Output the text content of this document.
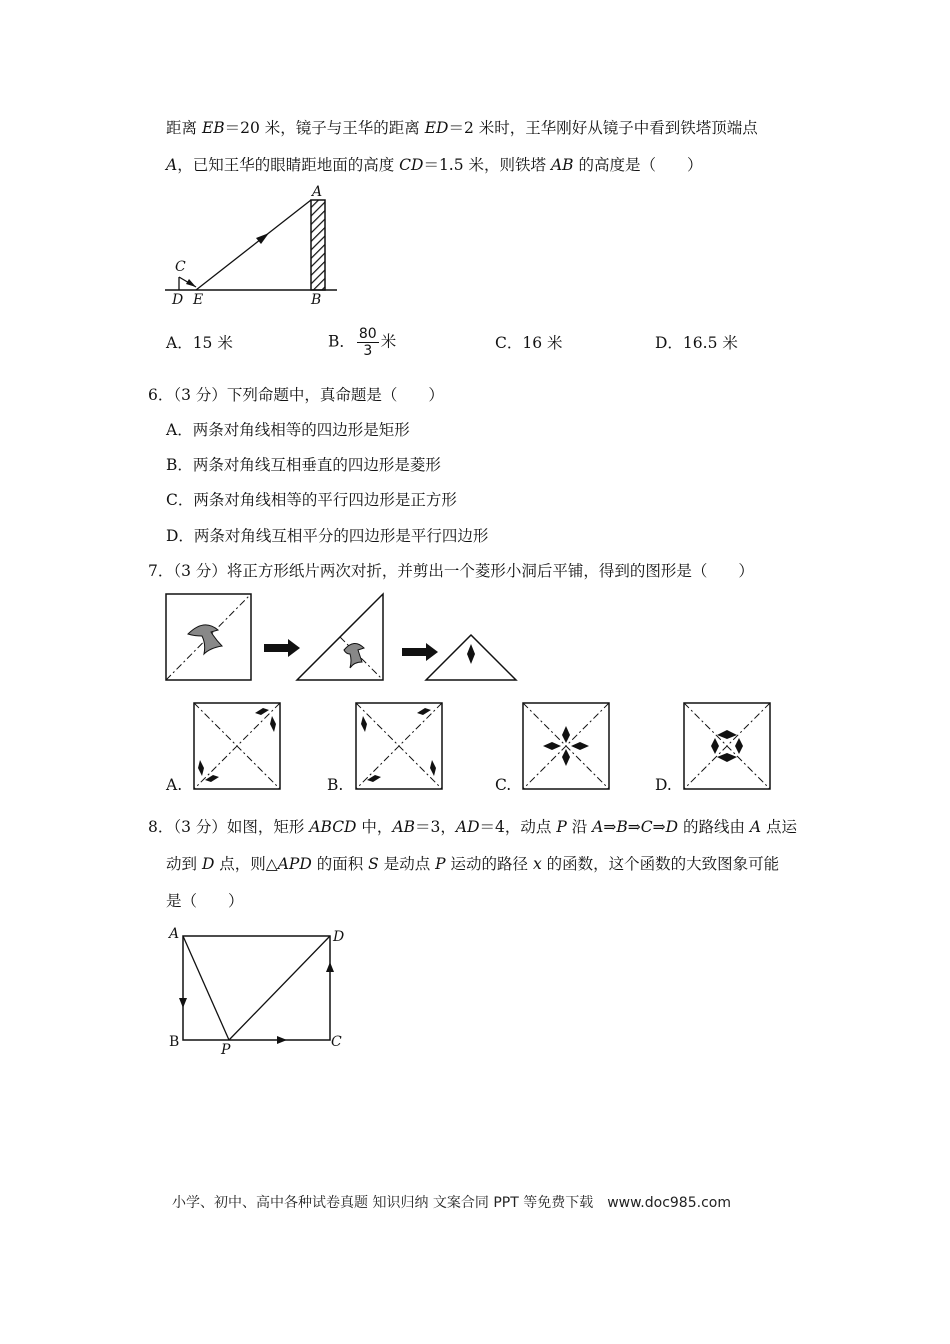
距离 EB＝20 米，镜子与王华的距离 ED＝2 米时，王华刚好从镜子中看到铁塔顶端点
A，已知王华的眼睛距地面的高度 CD＝1.5 米，则铁塔 AB 的高度是（　　）
A
B
C
D E
A．15 米	B． $\frac{80}{3}$ 米	C．16 米	D．16.5 米
6．（3 分）下列命题中，真命题是（　　）
A．两条对角线相等的四边形是矩形
B．两条对角线互相垂直的四边形是菱形
C．两条对角线相等的平行四边形是正方形
D．两条对角线互相平分的四边形是平行四边形
7．（3 分）将正方形纸片两次对折，并剪出一个菱形小洞后平铺，得到的图形是（　　）
A.	B.	C.	D.
8．（3 分）如图，矩形 ABCD 中，AB＝3，AD＝4，动点 P 沿 A⇒B⇒C⇒D 的路线由 A 点运
动到 D 点，则△APD 的面积 S 是动点 P 运动的路径 x 的函数，这个函数的大致图象可能
是（　　）
A
B	C
D
P
小学、初中、高中各种试卷真题 知识归纳 文案合同 PPT 等免费下载　www.doc985.com
